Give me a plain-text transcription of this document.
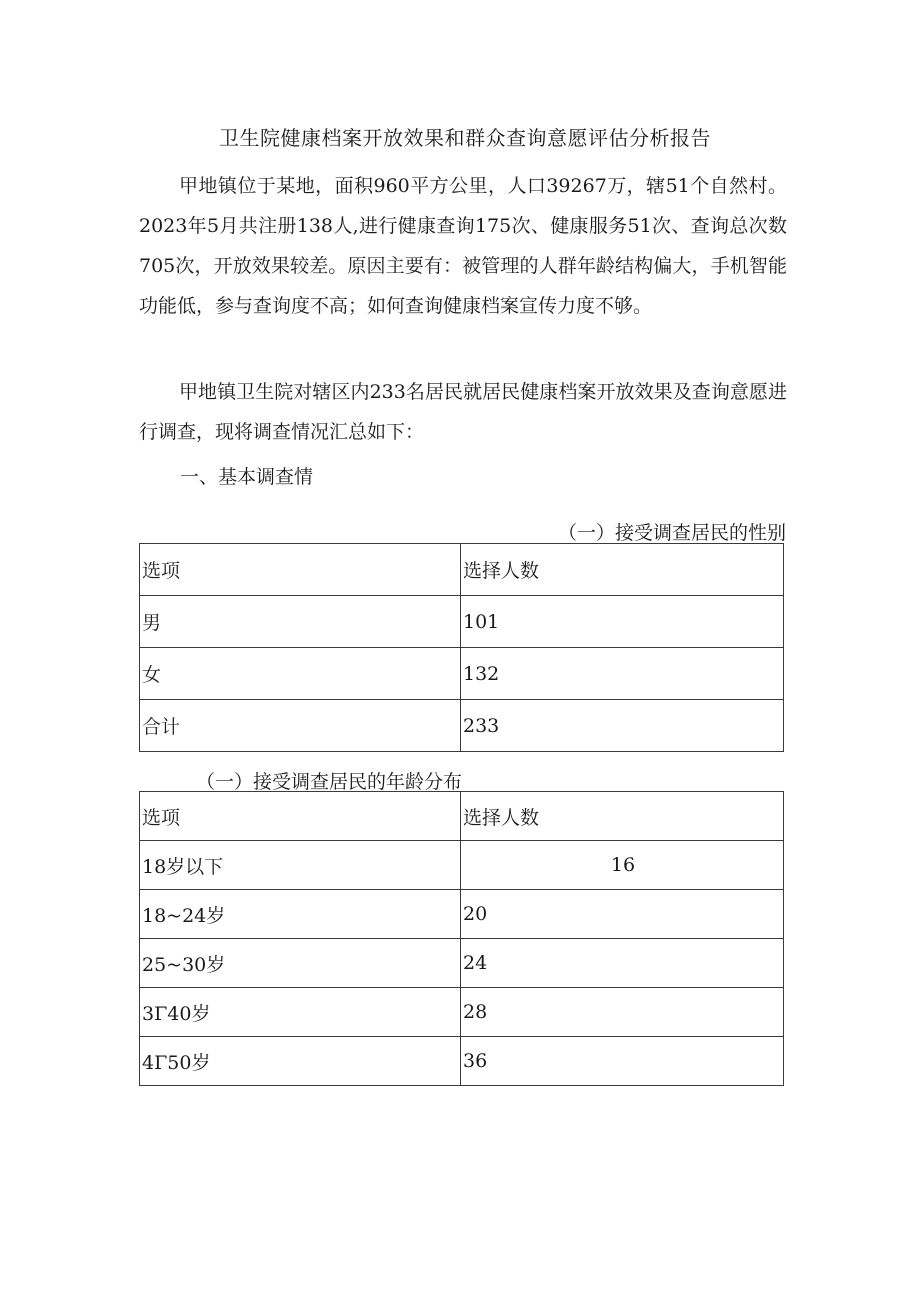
卫生院健康档案开放效果和群众查询意愿评估分析报告

甲地镇位于某地，面积960平方公里，人口39267万，辖51个自然村。2023年5月共注册138人,进行健康查询175次、健康服务51次、查询总次数705次，开放效果较差。原因主要有：被管理的人群年龄结构偏大，手机智能功能低，参与查询度不高；如何查询健康档案宣传力度不够。

甲地镇卫生院对辖区内233名居民就居民健康档案开放效果及查询意愿进行调查，现将调查情况汇总如下：

一、基本调查情
（一）接受调查居民的性别
选项	选择人数
男	101
女	132
合计	233
（一）接受调查居民的年龄分布
选项	选择人数
18岁以下	16
18~24岁	20
25~30岁	24
3Γ40岁	28
4Γ50岁	36
